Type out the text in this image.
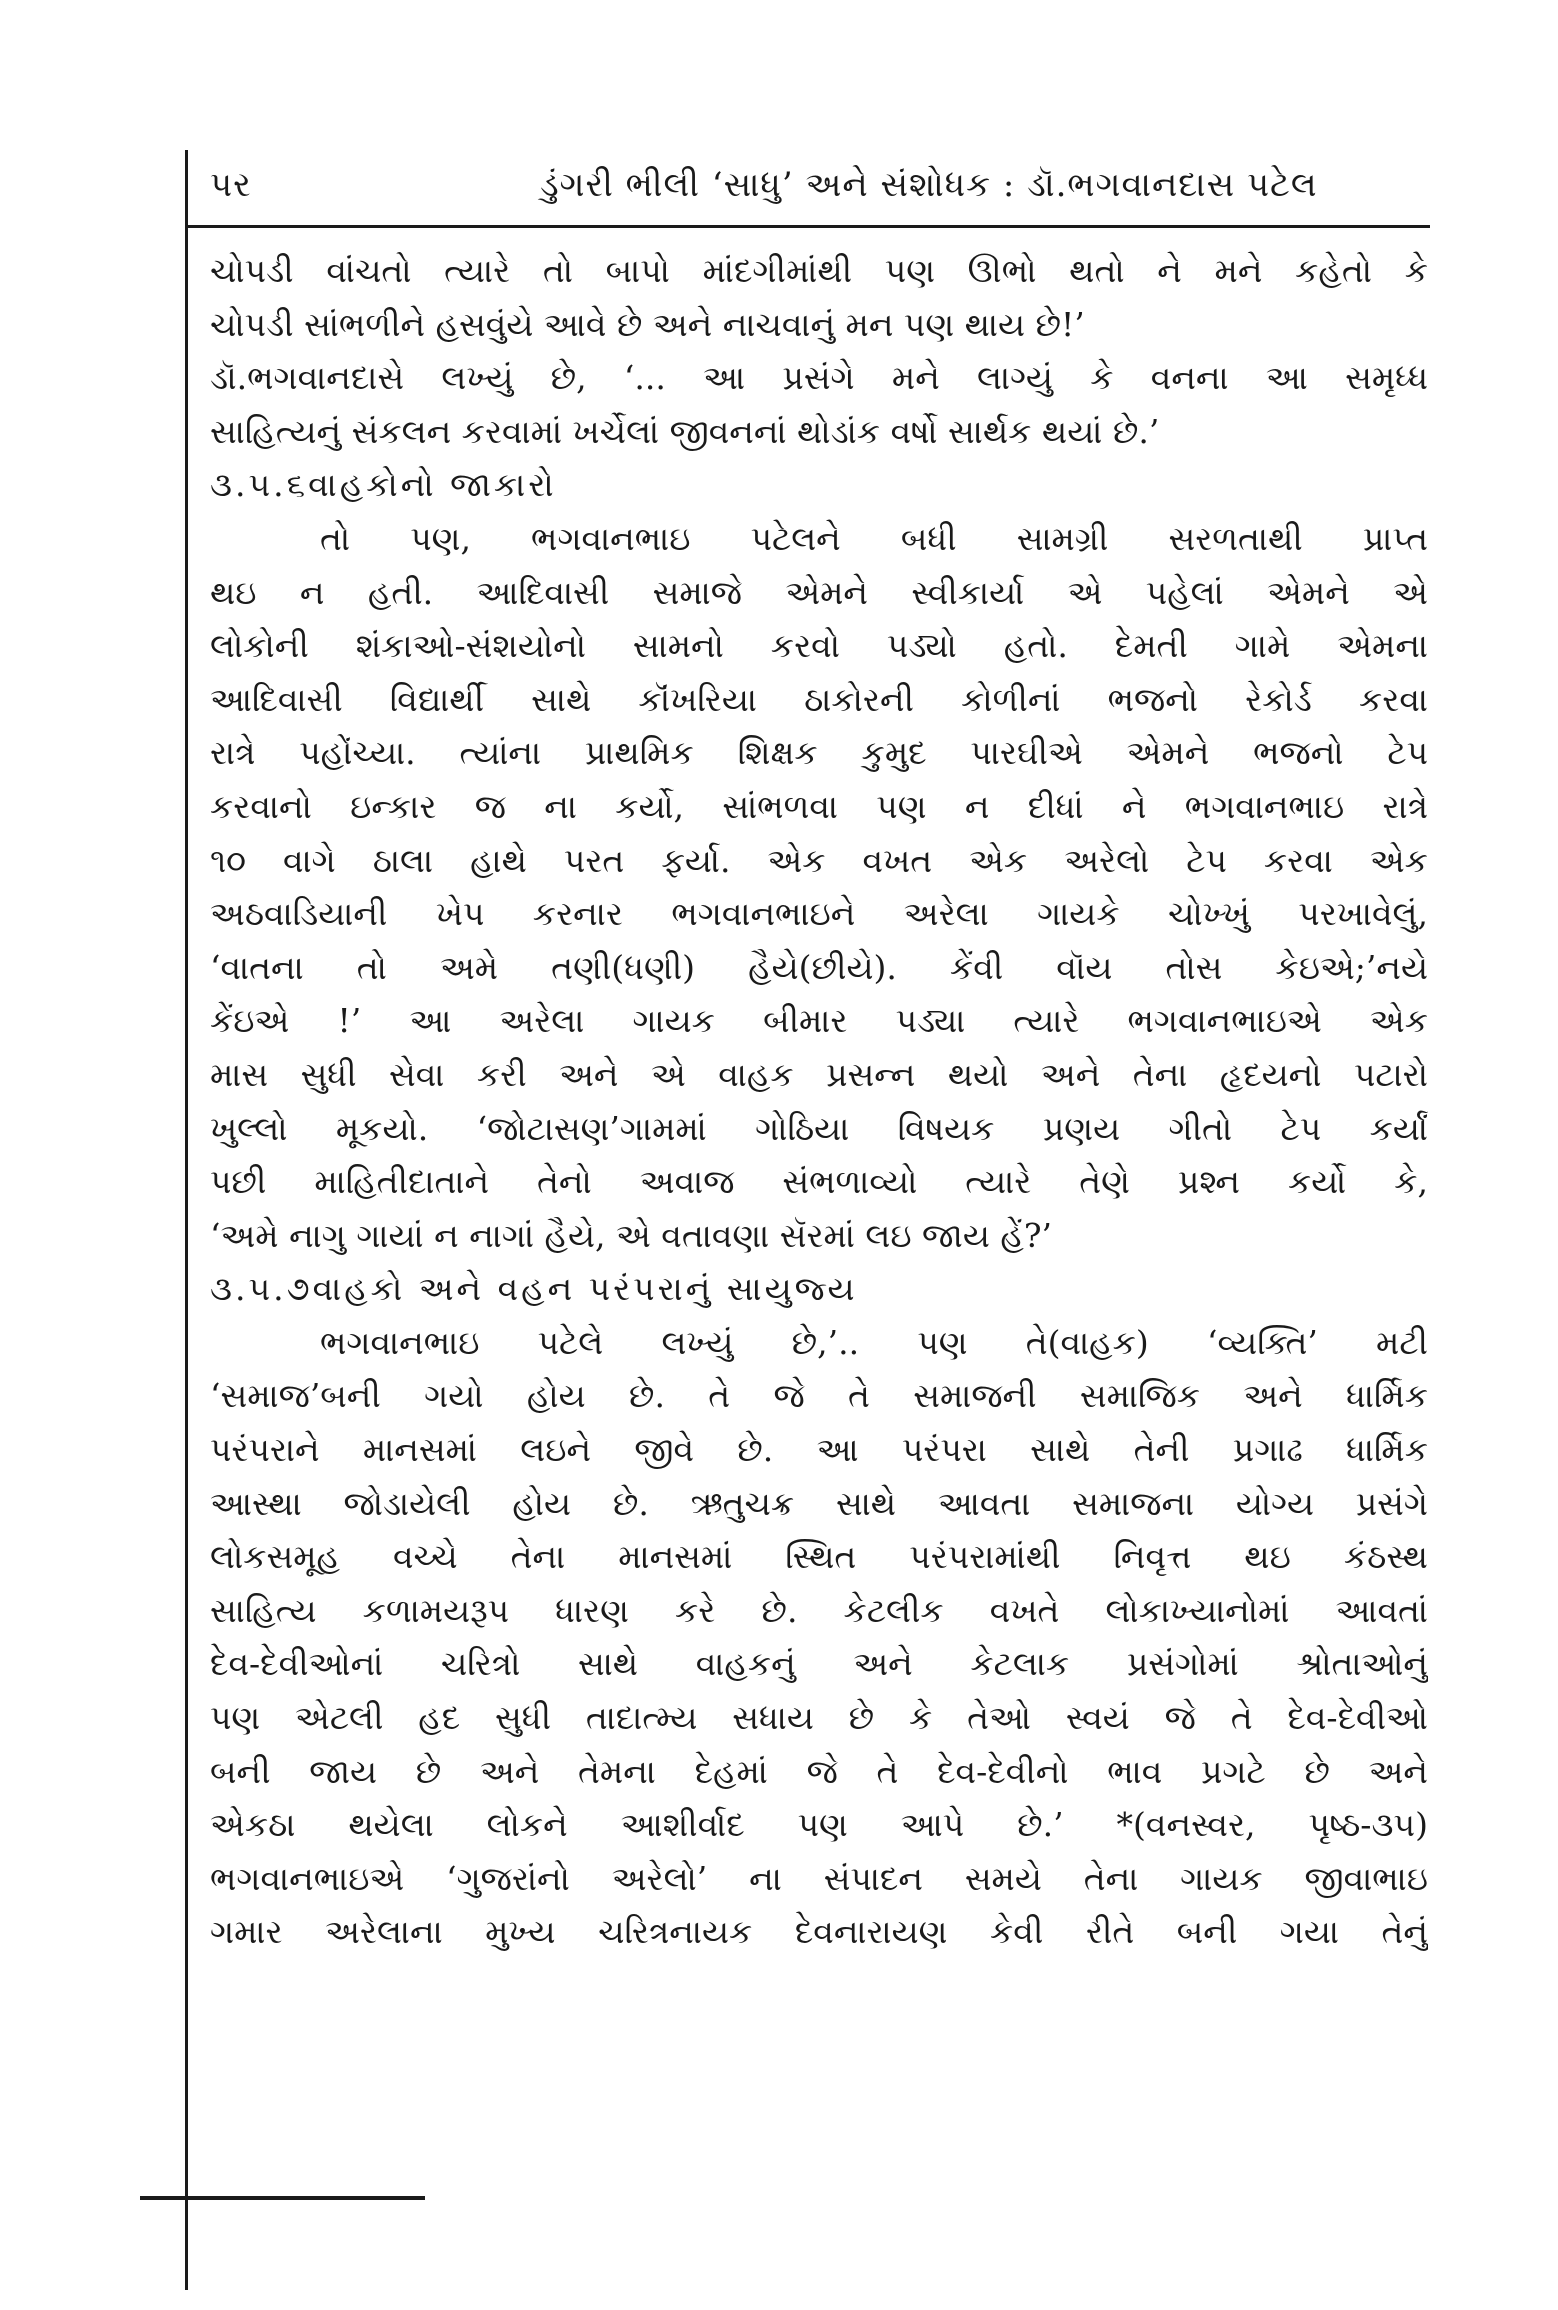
પર	ડુંગરી ભીલી ‘સાધુ’ અને સંશોધક : ડૉ.ભગવાનદાસ પટેલ
ચોપડી વાંચતો ત્યારે તો બાપો માંદગીમાંથી પણ ઊભો થતો ને મને કહેતો કે
ચોપડી સાંભળીને હસવુંયે આવે છે અને નાચવાનું મન પણ થાય છે!’
ડૉ.ભગવાનદાસે લખ્યું છે, ‘... આ પ્રસંગે મને લાગ્યું કે વનના આ સમૃધ્ધ
સાહિત્યનું સંકલન કરવામાં ખર્ચેલાં જીવનનાં થોડાંક વર્ષો સાર્થક થયાં છે.’
૩.૫.૬વાહકોનો જાકારો
તો પણ, ભગવાનભાઇ પટેલને બધી સામગ્રી સરળતાથી પ્રાપ્ત
થઇ ન હતી. આદિવાસી સમાજે એમને સ્વીકાર્યા એ પહેલાં એમને એ
લોકોની શંકાઓ-સંશયોનો સામનો કરવો પડ્યો હતો. દેમતી ગામે એમના
આદિવાસી વિદ્યાર્થી સાથે કૉંખરિયા ઠાકોરની કોળીનાં ભજનો રેકોર્ડ કરવા
રાત્રે પહોંચ્યા. ત્યાંના પ્રાથમિક શિક્ષક કુમુદ પારઘીએ એમને ભજનો ટેપ
કરવાનો ઇન્કાર જ ના કર્યો, સાંભળવા પણ ન દીધાં ને ભગવાનભાઇ રાત્રે
૧૦ વાગે ઠાલા હાથે પરત ફર્યા. એક વખત એક અરેલો ટેપ કરવા એક
અઠવાડિયાની ખેપ કરનાર ભગવાનભાઇને અરેલા ગાયકે ચોખ્ખું પરખાવેલું,
‘વાતના તો અમે તણી(ધણી) હૈયે(છીયે). કેંવી વૉય તોસ કેઇએ;’નયે
કેંઇએ !’ આ અરેલા ગાયક બીમાર પડ્યા ત્યારે ભગવાનભાઇએ એક
માસ સુધી સેવા કરી અને એ વાહક પ્રસન્ન થયો અને તેના હૃદયનો પટારો
ખુલ્લો મૂકયો. ‘જોટાસણ’ગામમાં ગોઠિયા વિષયક પ્રણય ગીતો ટેપ કર્યાં
પછી માહિતીદાતાને તેનો અવાજ સંભળાવ્યો ત્યારે તેણે પ્રશ્ન કર્યો કે,
‘અમે નાગુ ગાયાં ન નાગાં હૈયે, એ વતાવણા સૅરમાં લઇ જાય હેં?’
૩.૫.૭વાહકો અને વહન પરંપરાનું સાયુજ્ય
ભગવાનભાઇ પટેલે લખ્યું છે,’.. પણ તે(વાહક) ‘વ્યક્તિ’ મટી
‘સમાજ’બની ગયો હોય છે. તે જે તે સમાજની સમાજિક અને ધાર્મિક
પરંપરાને માનસમાં લઇને જીવે છે. આ પરંપરા સાથે તેની પ્રગાઢ ધાર્મિક
આસ્થા જોડાયેલી હોય છે. ઋતુચક્ર સાથે આવતા સમાજના યોગ્ય પ્રસંગે
લોકસમૂહ વચ્ચે તેના માનસમાં સ્થિત પરંપરામાંથી નિવૃત્ત થઇ કંઠસ્થ
સાહિત્ય કળામયરૂપ ધારણ કરે છે. કેટલીક વખતે લોકાખ્યાનોમાં આવતાં
દેવ-દેવીઓનાં ચરિત્રો સાથે વાહકનું અને કેટલાક પ્રસંગોમાં શ્રોતાઓનું
પણ એટલી હદ સુધી તાદાત્મ્ય સધાય છે કે તેઓ સ્વયં જે તે દેવ-દેવીઓ
બની જાય છે અને તેમના દેહમાં જે તે દેવ-દેવીનો ભાવ પ્રગટે છે અને
એકઠા થયેલા લોકને આશીર્વાદ પણ આપે છે.’ *(વનસ્વર, પૃષ્ઠ-૩૫)
ભગવાનભાઇએ ‘ગુજરાંનો અરેલો’ ના સંપાદન સમયે તેના ગાયક જીવાભાઇ
ગમાર અરેલાના મુખ્ય ચરિત્રનાયક દેવનારાયણ કેવી રીતે બની ગયા તેનું
